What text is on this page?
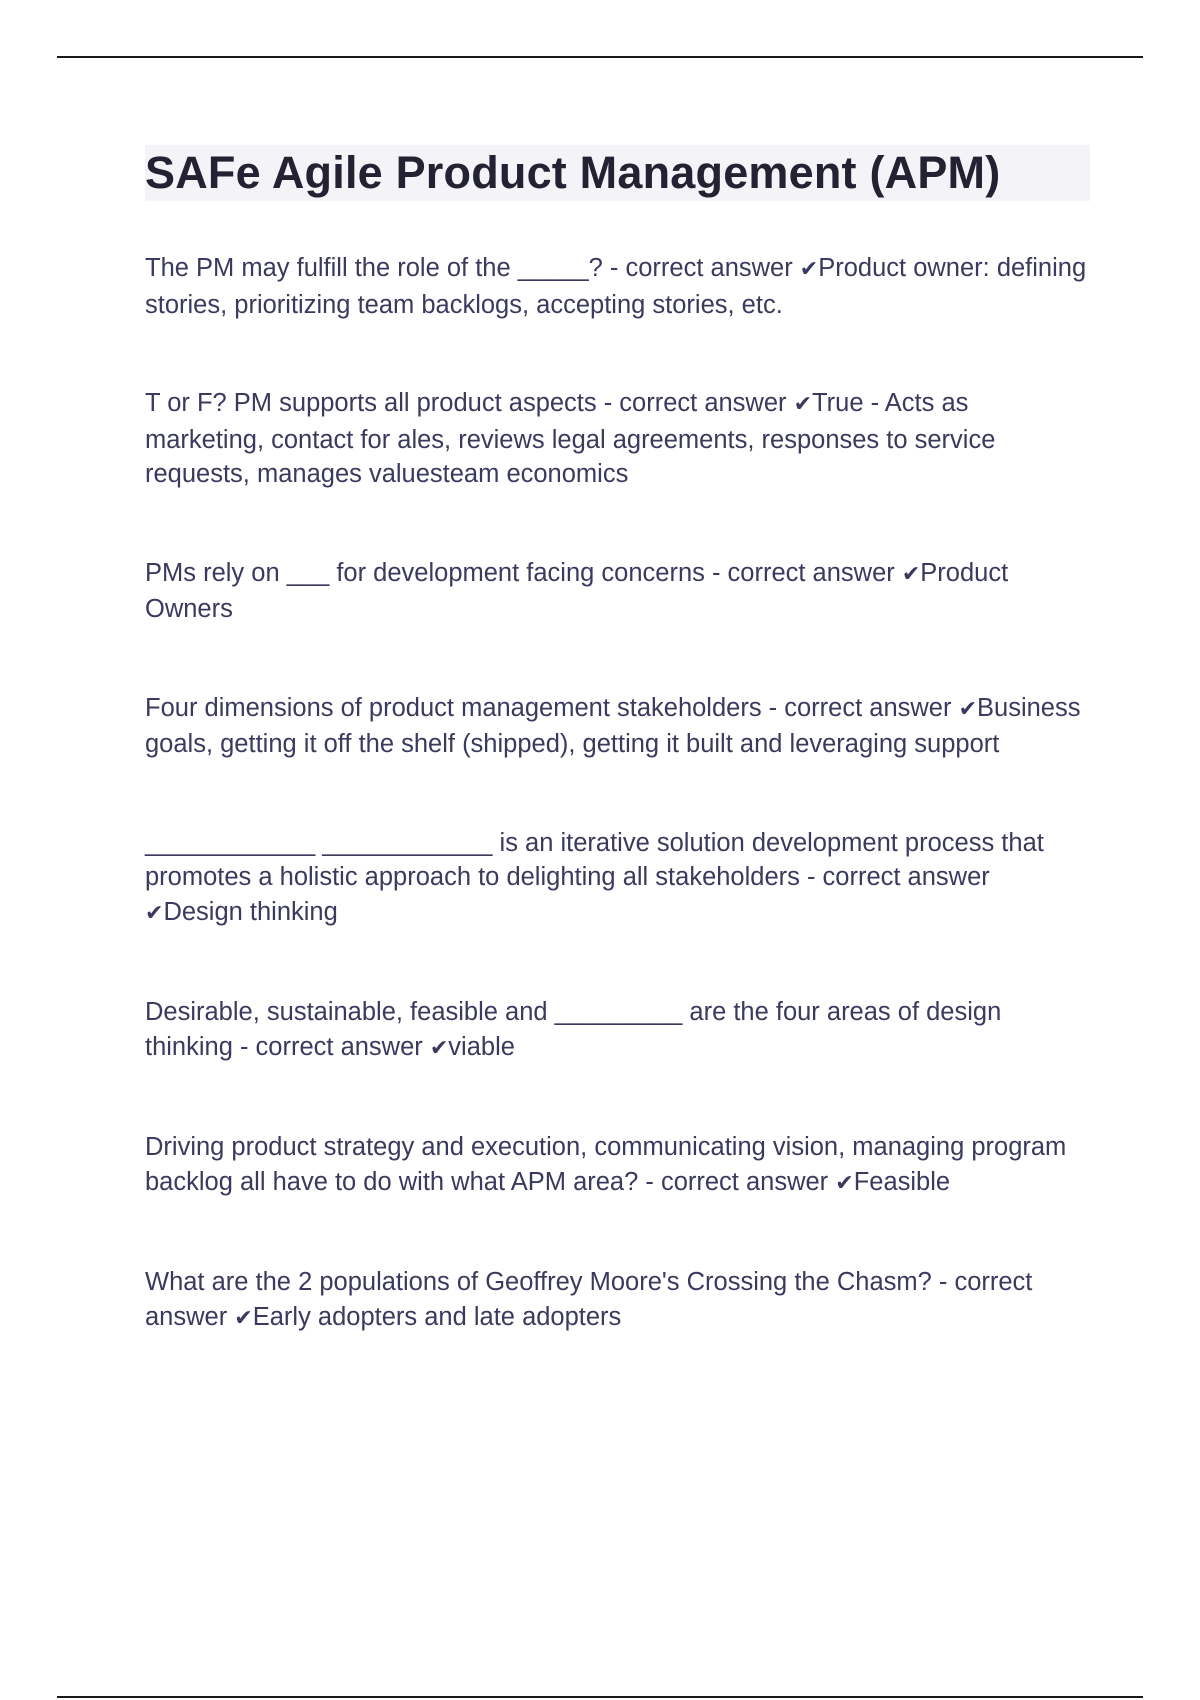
SAFe Agile Product Management (APM)

The PM may fulfill the role of the _____? - correct answer ✔Product owner: defining stories, prioritizing team backlogs, accepting stories, etc.

T or F? PM supports all product aspects - correct answer ✔True - Acts as marketing, contact for ales, reviews legal agreements, responses to service requests, manages valuesteam economics

PMs rely on ___ for development facing concerns - correct answer ✔Product Owners

Four dimensions of product management stakeholders - correct answer ✔Business goals, getting it off the shelf (shipped), getting it built and leveraging support

____________ ____________ is an iterative solution development process that promotes a holistic approach to delighting all stakeholders - correct answer ✔Design thinking

Desirable, sustainable, feasible and _________ are the four areas of design thinking - correct answer ✔viable

Driving product strategy and execution, communicating vision, managing program backlog all have to do with what APM area? - correct answer ✔Feasible

What are the 2 populations of Geoffrey Moore's Crossing the Chasm? - correct answer ✔Early adopters and late adopters
